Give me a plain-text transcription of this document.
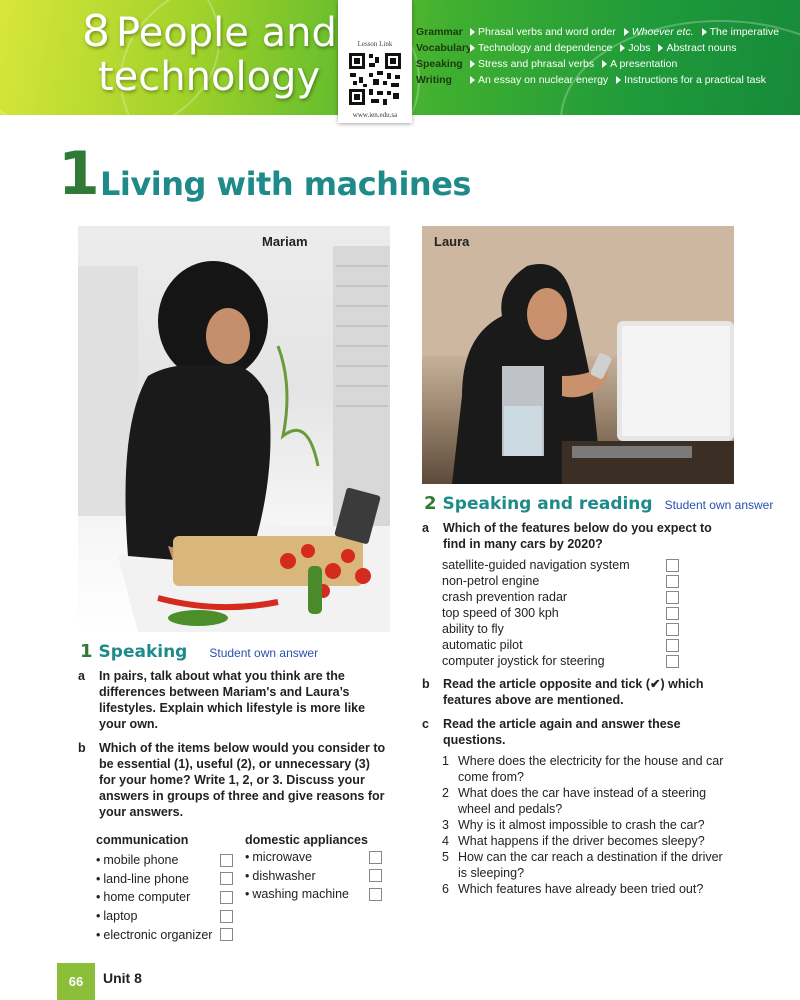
8 People and
technology
Grammar	Phrasal verbs and word order	Whoever etc.	The imperative
Vocabulary Technology and dependence	Jobs	Abstract nouns
Speaking	Stress and phrasal verbs	A presentation
Writing	An essay on nuclear energy	Instructions for a practical task
Lesson Link
www.ien.edu.sa
1 Living with machines
Mariam	Laura
1 Speaking Student own answer
a	In pairs, talk about what you think are the differences between Mariam's and Laura’s lifestyles. Explain which lifestyle is more like your own.
b	Which of the items below would you consider to be essential (1), useful (2), or unnecessary (3) for your home? Write 1, 2, or 3. Discuss your answers in groups of three and give reasons for your answers.
communication
• mobile phone
• land-line phone
• home computer
• laptop
• electronic organizer
domestic appliances
• microwave
• dishwasher
• washing machine
2 Speaking and reading Student own answer
a	Which of the features below do you expect to find in many cars by 2020?
satellite-guided navigation system
non-petrol engine
crash prevention radar
top speed of 300 kph
ability to fly
automatic pilot
computer joystick for steering
b	Read the article opposite and tick (✔) which features above are mentioned.
c	Read the article again and answer these questions.
1 Where does the electricity for the house and car come from?
2 What does the car have instead of a steering wheel and pedals?
3 Why is it almost impossible to crash the car?
4 What happens if the driver becomes sleepy?
5 How can the car reach a destination if the driver is sleeping?
6 Which features have already been tried out?
66	Unit 8
